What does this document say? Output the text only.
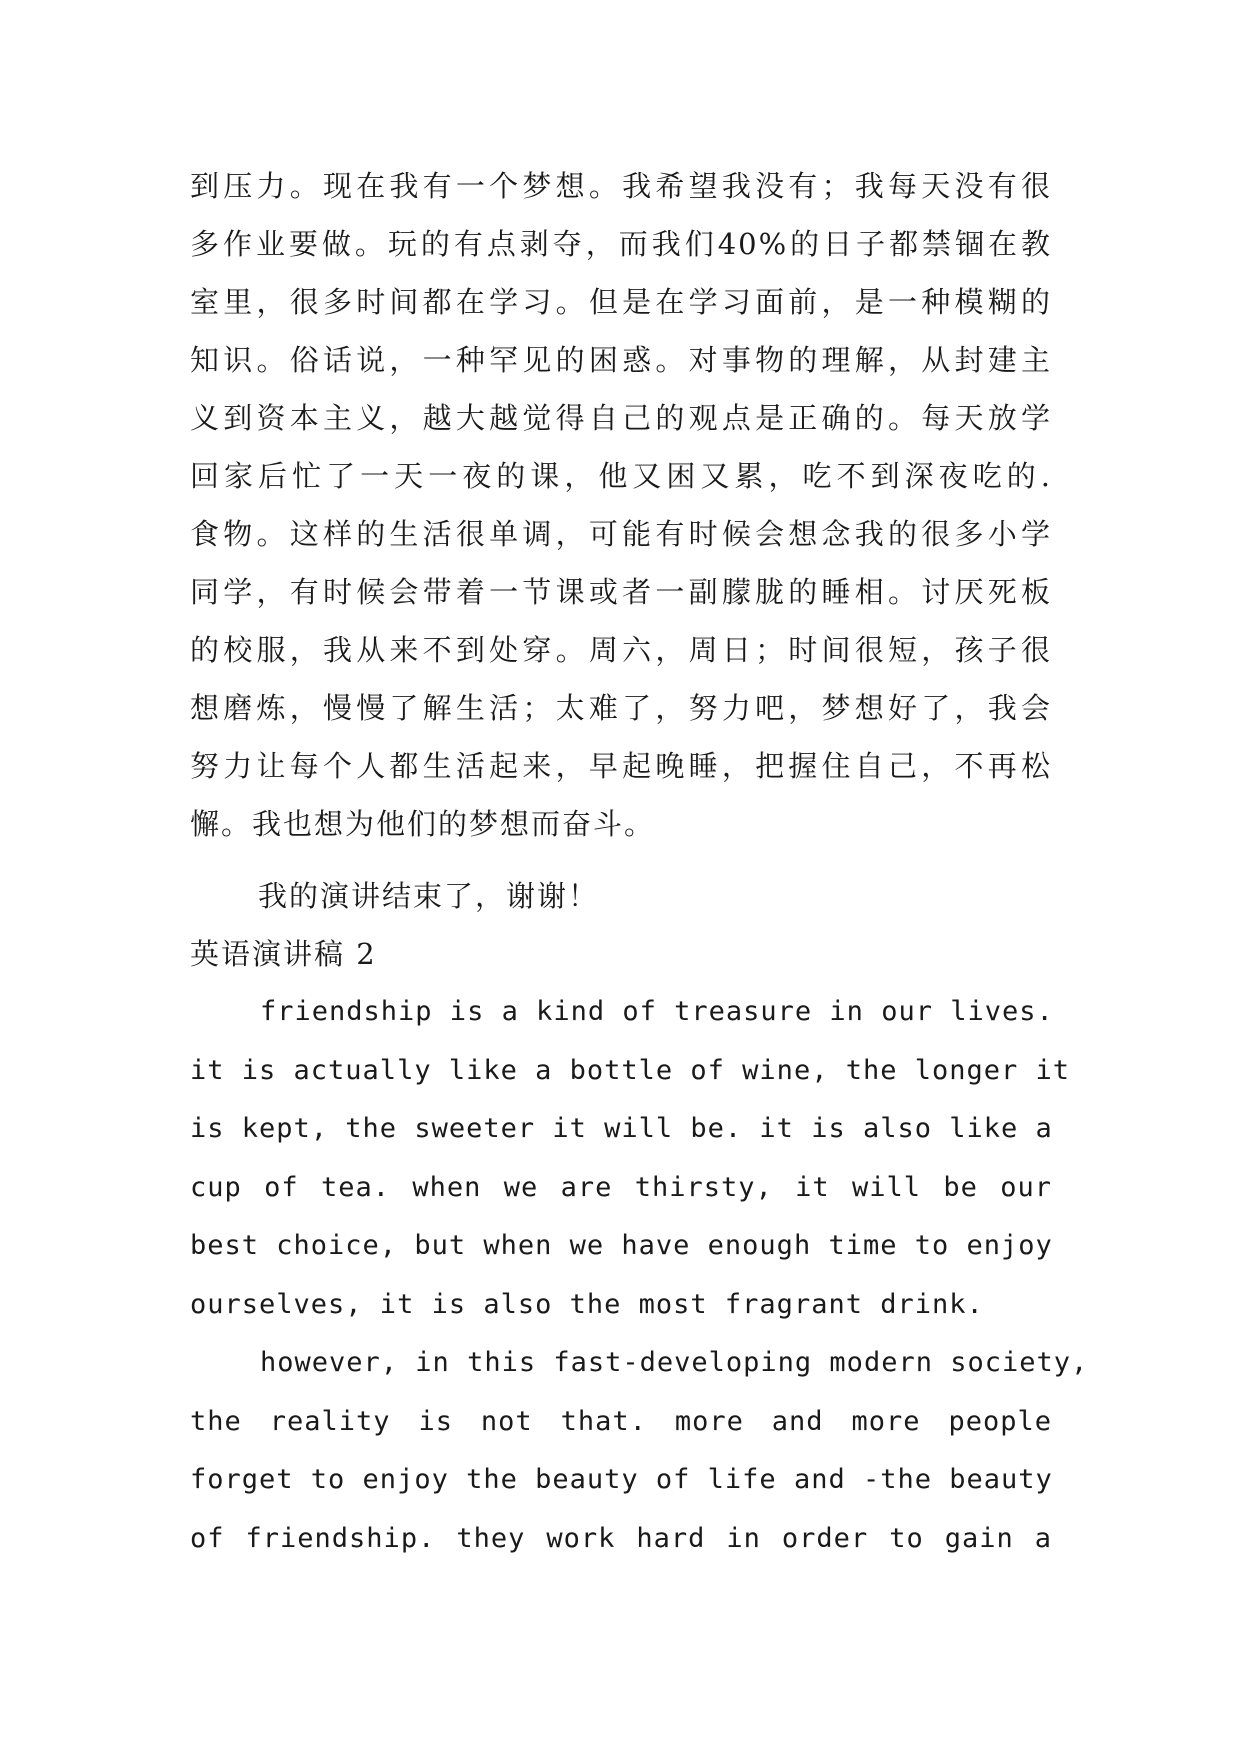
到压力。现在我有一个梦想。我希望我没有；我每天没有很
多作业要做。玩的有点剥夺，而我们40%的日子都禁锢在教
室里，很多时间都在学习。但是在学习面前，是一种模糊的
知识。俗话说，一种罕见的困惑。对事物的理解，从封建主
义到资本主义，越大越觉得自己的观点是正确的。每天放学
回家后忙了一天一夜的课，他又困又累，吃不到深夜吃的.
食物。这样的生活很单调，可能有时候会想念我的很多小学
同学，有时候会带着一节课或者一副朦胧的睡相。讨厌死板
的校服，我从来不到处穿。周六，周日；时间很短，孩子很
想磨炼，慢慢了解生活；太难了，努力吧，梦想好了，我会
努力让每个人都生活起来，早起晚睡，把握住自己，不再松
懈。我也想为他们的梦想而奋斗。
我的演讲结束了，谢谢！
英语演讲稿 2
friendship is a kind of treasure in our lives.
it is actually like a bottle of wine, the longer it
is kept, the sweeter it will be. it is also like a
cup of tea. when we are thirsty, it will be our
best choice, but when we have enough time to enjoy
ourselves, it is also the most fragrant drink.
however, in this fast-developing modern society,
the reality is not that. more and more people
forget to enjoy the beauty of life and -the beauty
of friendship. they work hard in order to gain a
